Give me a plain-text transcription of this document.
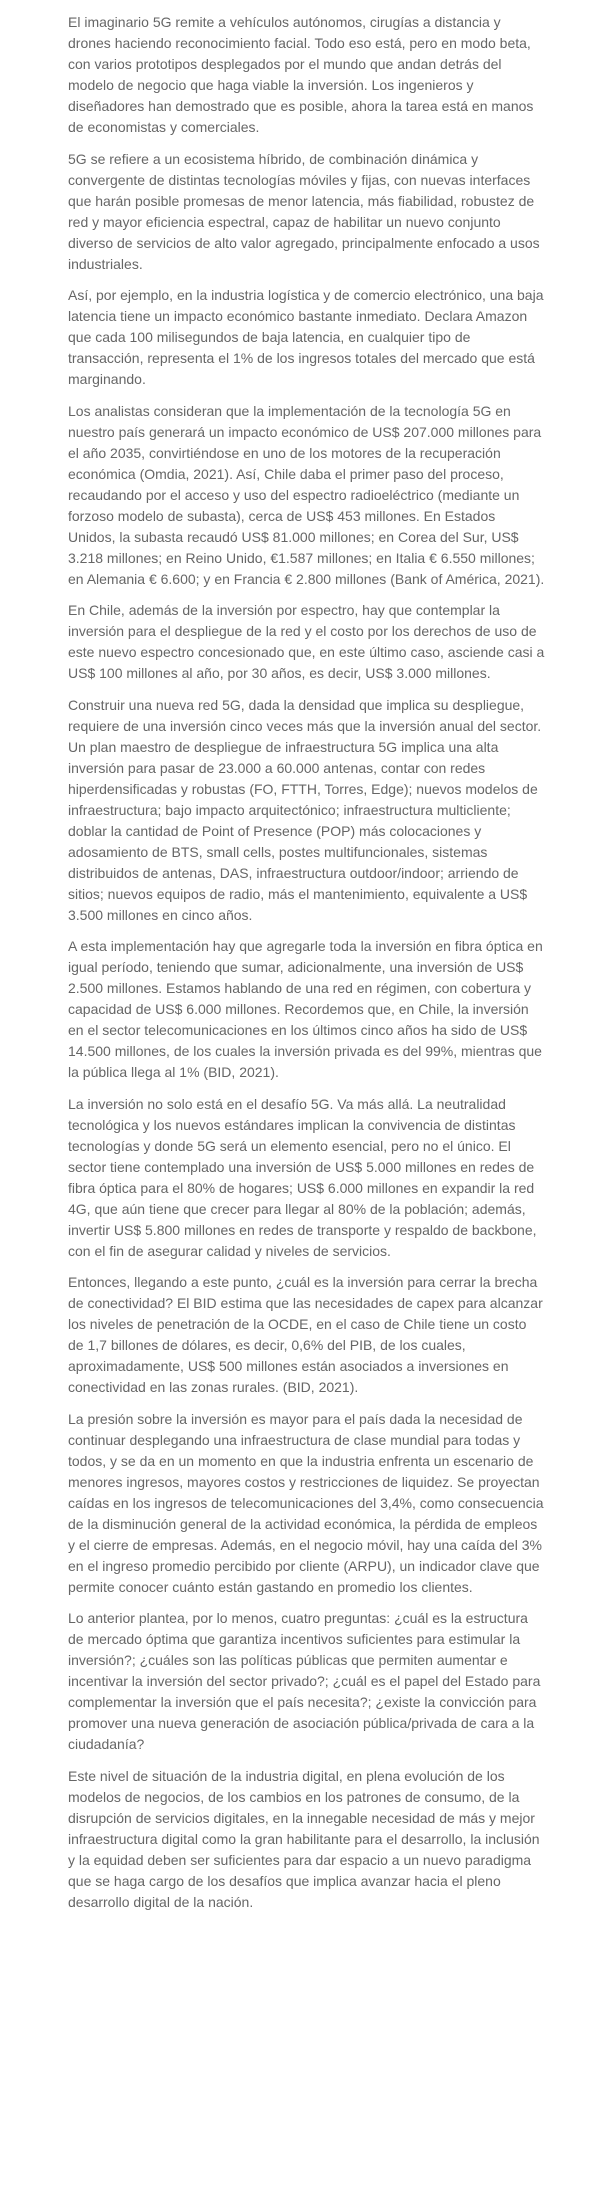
El imaginario 5G remite a vehículos autónomos, cirugías a distancia y drones haciendo reconocimiento facial. Todo eso está, pero en modo beta, con varios prototipos desplegados por el mundo que andan detrás del modelo de negocio que haga viable la inversión. Los ingenieros y diseñadores han demostrado que es posible, ahora la tarea está en manos de economistas y comerciales.

5G se refiere a un ecosistema híbrido, de combinación dinámica y convergente de distintas tecnologías móviles y fijas, con nuevas interfaces que harán posible promesas de menor latencia, más fiabilidad, robustez de red y mayor eficiencia espectral, capaz de habilitar un nuevo conjunto diverso de servicios de alto valor agregado, principalmente enfocado a usos industriales.

Así, por ejemplo, en la industria logística y de comercio electrónico, una baja latencia tiene un impacto económico bastante inmediato. Declara Amazon que cada 100 milisegundos de baja latencia, en cualquier tipo de transacción, representa el 1% de los ingresos totales del mercado que está marginando.

Los analistas consideran que la implementación de la tecnología 5G en nuestro país generará un impacto económico de US$ 207.000 millones para el año 2035, convirtiéndose en uno de los motores de la recuperación económica (Omdia, 2021). Así, Chile daba el primer paso del proceso, recaudando por el acceso y uso del espectro radioeléctrico (mediante un forzoso modelo de subasta), cerca de US$ 453 millones. En Estados Unidos, la subasta recaudó US$ 81.000 millones; en Corea del Sur, US$ 3.218 millones; en Reino Unido, €1.587 millones; en Italia € 6.550 millones; en Alemania € 6.600; y en Francia € 2.800 millones (Bank of América, 2021).

En Chile, además de la inversión por espectro, hay que contemplar la inversión para el despliegue de la red y el costo por los derechos de uso de este nuevo espectro concesionado que, en este último caso, asciende casi a US$ 100 millones al año, por 30 años, es decir, US$ 3.000 millones.

Construir una nueva red 5G, dada la densidad que implica su despliegue, requiere de una inversión cinco veces más que la inversión anual del sector. Un plan maestro de despliegue de infraestructura 5G implica una alta inversión para pasar de 23.000 a 60.000 antenas, contar con redes hiperdensificadas y robustas (FO, FTTH, Torres, Edge); nuevos modelos de infraestructura; bajo impacto arquitectónico; infraestructura multicliente; doblar la cantidad de Point of Presence (POP) más colocaciones y adosamiento de BTS, small cells, postes multifuncionales, sistemas distribuidos de antenas, DAS, infraestructura outdoor/indoor; arriendo de sitios; nuevos equipos de radio, más el mantenimiento, equivalente a US$ 3.500 millones en cinco años.

A esta implementación hay que agregarle toda la inversión en fibra óptica en igual período, teniendo que sumar, adicionalmente, una inversión de US$ 2.500 millones. Estamos hablando de una red en régimen, con cobertura y capacidad de US$ 6.000 millones. Recordemos que, en Chile, la inversión en el sector telecomunicaciones en los últimos cinco años ha sido de US$ 14.500 millones, de los cuales la inversión privada es del 99%, mientras que la pública llega al 1% (BID, 2021).

La inversión no solo está en el desafío 5G. Va más allá. La neutralidad tecnológica y los nuevos estándares implican la convivencia de distintas tecnologías y donde 5G será un elemento esencial, pero no el único. El sector tiene contemplado una inversión de US$ 5.000 millones en redes de fibra óptica para el 80% de hogares; US$ 6.000 millones en expandir la red 4G, que aún tiene que crecer para llegar al 80% de la población; además, invertir US$ 5.800 millones en redes de transporte y respaldo de backbone, con el fin de asegurar calidad y niveles de servicios.

Entonces, llegando a este punto, ¿cuál es la inversión para cerrar la brecha de conectividad? El BID estima que las necesidades de capex para alcanzar los niveles de penetración de la OCDE, en el caso de Chile tiene un costo de 1,7 billones de dólares, es decir, 0,6% del PIB, de los cuales, aproximadamente, US$ 500 millones están asociados a inversiones en conectividad en las zonas rurales. (BID, 2021).

La presión sobre la inversión es mayor para el país dada la necesidad de continuar desplegando una infraestructura de clase mundial para todas y todos, y se da en un momento en que la industria enfrenta un escenario de menores ingresos, mayores costos y restricciones de liquidez. Se proyectan caídas en los ingresos de telecomunicaciones del 3,4%, como consecuencia de la disminución general de la actividad económica, la pérdida de empleos y el cierre de empresas. Además, en el negocio móvil, hay una caída del 3% en el ingreso promedio percibido por cliente (ARPU), un indicador clave que permite conocer cuánto están gastando en promedio los clientes.

Lo anterior plantea, por lo menos, cuatro preguntas: ¿cuál es la estructura de mercado óptima que garantiza incentivos suficientes para estimular la inversión?; ¿cuáles son las políticas públicas que permiten aumentar e incentivar la inversión del sector privado?; ¿cuál es el papel del Estado para complementar la inversión que el país necesita?; ¿existe la convicción para promover una nueva generación de asociación pública/privada de cara a la ciudadanía?

Este nivel de situación de la industria digital, en plena evolución de los modelos de negocios, de los cambios en los patrones de consumo, de la disrupción de servicios digitales, en la innegable necesidad de más y mejor infraestructura digital como la gran habilitante para el desarrollo, la inclusión y la equidad deben ser suficientes para dar espacio a un nuevo paradigma que se haga cargo de los desafíos que implica avanzar hacia el pleno desarrollo digital de la nación.
